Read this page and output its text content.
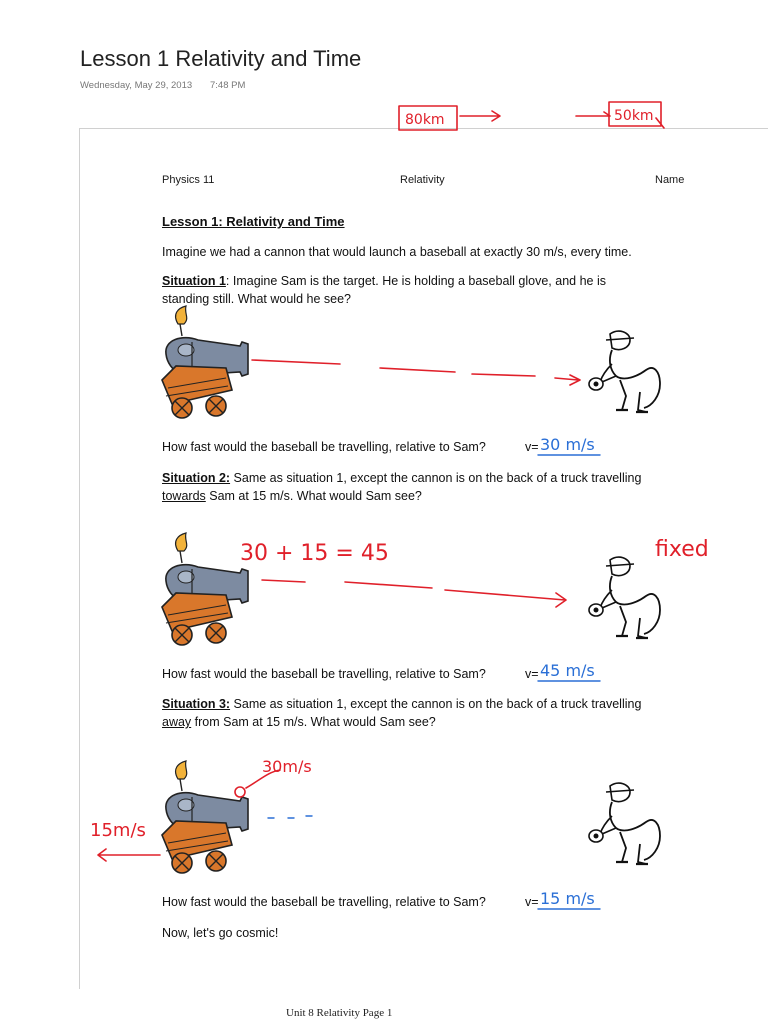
Lesson 1 Relativity and Time
Wednesday, May 29, 2013 7:48 PM
Physics 11	Relativity	Name
Lesson 1: Relativity and Time
Imagine we had a cannon that would launch a baseball at exactly 30 m/s, every time.
Situation 1: Imagine Sam is the target. He is holding a baseball glove, and he is
standing still. What would he see?
How fast would the baseball be travelling, relative to Sam?	v=
Situation 2: Same as situation 1, except the cannon is on the back of a truck travelling
towards Sam at 15 m/s. What would Sam see?
How fast would the baseball be travelling, relative to Sam?	v=
Situation 3: Same as situation 1, except the cannon is on the back of a truck travelling
away from Sam at 15 m/s. What would Sam see?
How fast would the baseball be travelling, relative to Sam?	v=
Now, let's go cosmic!
Unit 8 Relativity Page 1
80km	50km
30 m/s
30 + 15 = 45	fixed
45 m/s
30m/s
15m/s
15 m/s
